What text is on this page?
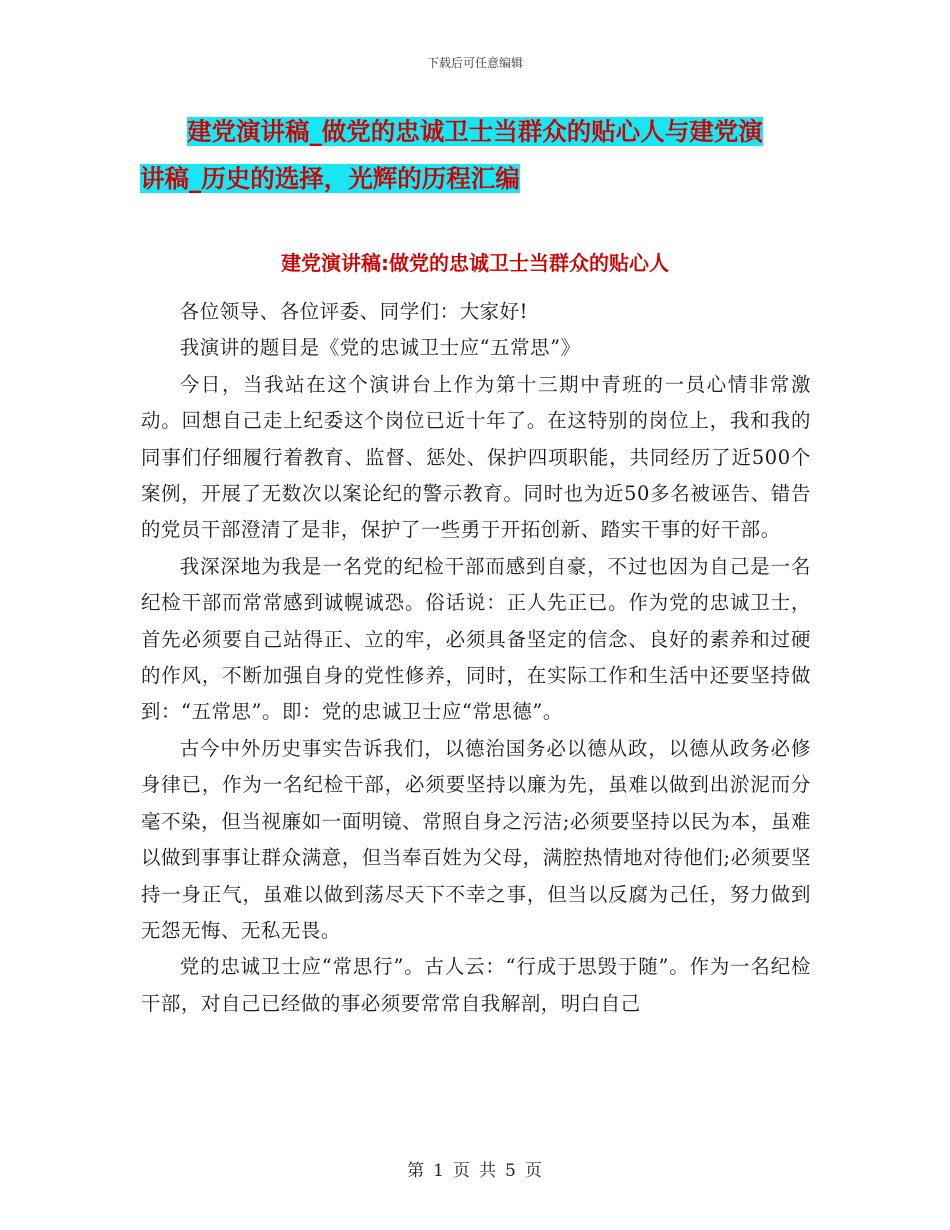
下载后可任意编辑
建党演讲稿_做党的忠诚卫士当群众的贴心人与建党演
讲稿_历史的选择，光辉的历程汇编
建党演讲稿:做党的忠诚卫士当群众的贴心人

各位领导、各位评委、同学们：大家好!

我演讲的题目是《党的忠诚卫士应“五常思”》

今日，当我站在这个演讲台上作为第十三期中青班的一员心情非常激动。回想自己走上纪委这个岗位已近十年了。在这特别的岗位上，我和我的同事们仔细履行着教育、监督、惩处、保护四项职能，共同经历了近500个案例，开展了无数次以案论纪的警示教育。同时也为近50多名被诬告、错告的党员干部澄清了是非，保护了一些勇于开拓创新、踏实干事的好干部。

我深深地为我是一名党的纪检干部而感到自豪，不过也因为自己是一名纪检干部而常常感到诚幌诚恐。俗话说：正人先正已。作为党的忠诚卫士，首先必须要自己站得正、立的牢，必须具备坚定的信念、良好的素养和过硬的作风，不断加强自身的党性修养，同时，在实际工作和生活中还要坚持做到：“五常思”。即：党的忠诚卫士应“常思德”。

古今中外历史事实告诉我们，以德治国务必以德从政，以德从政务必修身律已，作为一名纪检干部，必须要坚持以廉为先，虽难以做到出淤泥而分毫不染，但当视廉如一面明镜、常照自身之污洁;必须要坚持以民为本，虽难以做到事事让群众满意，但当奉百姓为父母，满腔热情地对待他们;必须要坚持一身正气，虽难以做到荡尽天下不幸之事，但当以反腐为己任，努力做到无怨无悔、无私无畏。

党的忠诚卫士应“常思行”。古人云：“行成于思毁于随”。作为一名纪检干部，对自己已经做的事必须要常常自我解剖，明白自己

第 1 页 共 5 页
